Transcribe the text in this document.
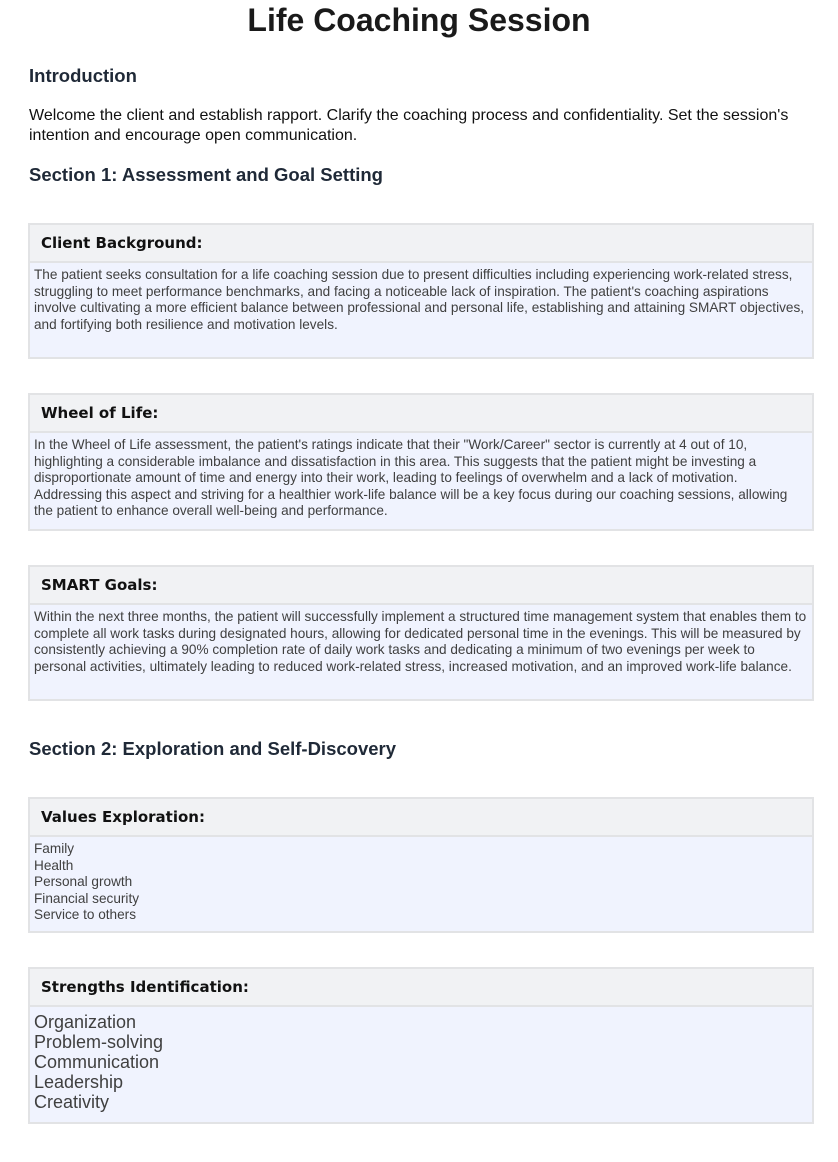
Life Coaching Session
Introduction
Welcome the client and establish rapport. Clarify the coaching process and confidentiality. Set the session's intention and encourage open communication.
Section 1: Assessment and Goal Setting
Client Background:
The patient seeks consultation for a life coaching session due to present difficulties including experiencing work-related stress, struggling to meet performance benchmarks, and facing a noticeable lack of inspiration. The patient's coaching aspirations involve cultivating a more efficient balance between professional and personal life, establishing and attaining SMART objectives, and fortifying both resilience and motivation levels.
Wheel of Life:
In the Wheel of Life assessment, the patient's ratings indicate that their "Work/Career" sector is currently at 4 out of 10, highlighting a considerable imbalance and dissatisfaction in this area. This suggests that the patient might be investing a disproportionate amount of time and energy into their work, leading to feelings of overwhelm and a lack of motivation. Addressing this aspect and striving for a healthier work-life balance will be a key focus during our coaching sessions, allowing the patient to enhance overall well-being and performance.
SMART Goals:
Within the next three months, the patient will successfully implement a structured time management system that enables them to complete all work tasks during designated hours, allowing for dedicated personal time in the evenings. This will be measured by consistently achieving a 90% completion rate of daily work tasks and dedicating a minimum of two evenings per week to personal activities, ultimately leading to reduced work-related stress, increased motivation, and an improved work-life balance.
Section 2: Exploration and Self-Discovery
Values Exploration:
Family
Health
Personal growth
Financial security
Service to others
Strengths Identification:
Organization
Problem-solving
Communication
Leadership
Creativity
